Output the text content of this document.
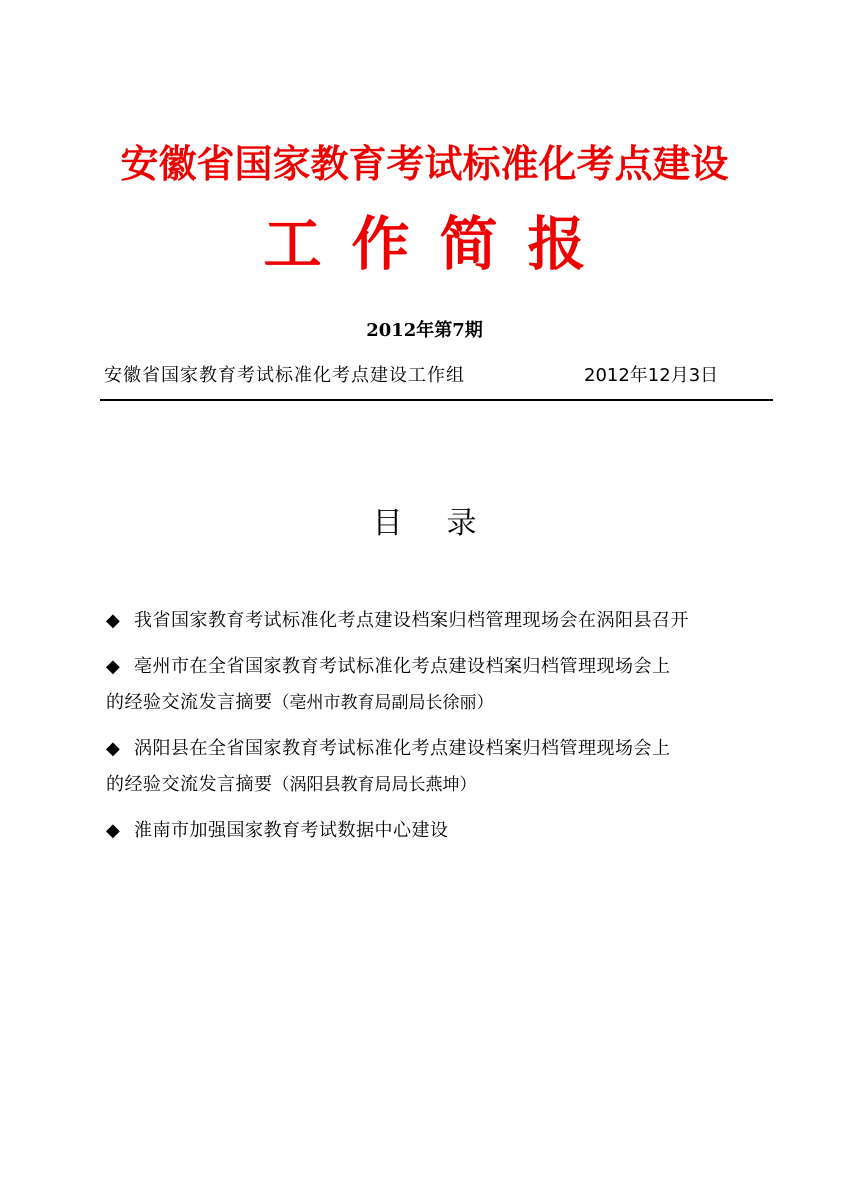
安徽省国家教育考试标准化考点建设
工作简报
2012年第7期
安徽省国家教育考试标准化考点建设工作组	2012年12月3日
目录
◆ 我省国家教育考试标准化考点建设档案归档管理现场会在涡阳县召开
◆ 亳州市在全省国家教育考试标准化考点建设档案归档管理现场会上
的经验交流发言摘要（亳州市教育局副局长徐丽）
◆ 涡阳县在全省国家教育考试标准化考点建设档案归档管理现场会上
的经验交流发言摘要（涡阳县教育局局长燕坤）
◆ 淮南市加强国家教育考试数据中心建设
